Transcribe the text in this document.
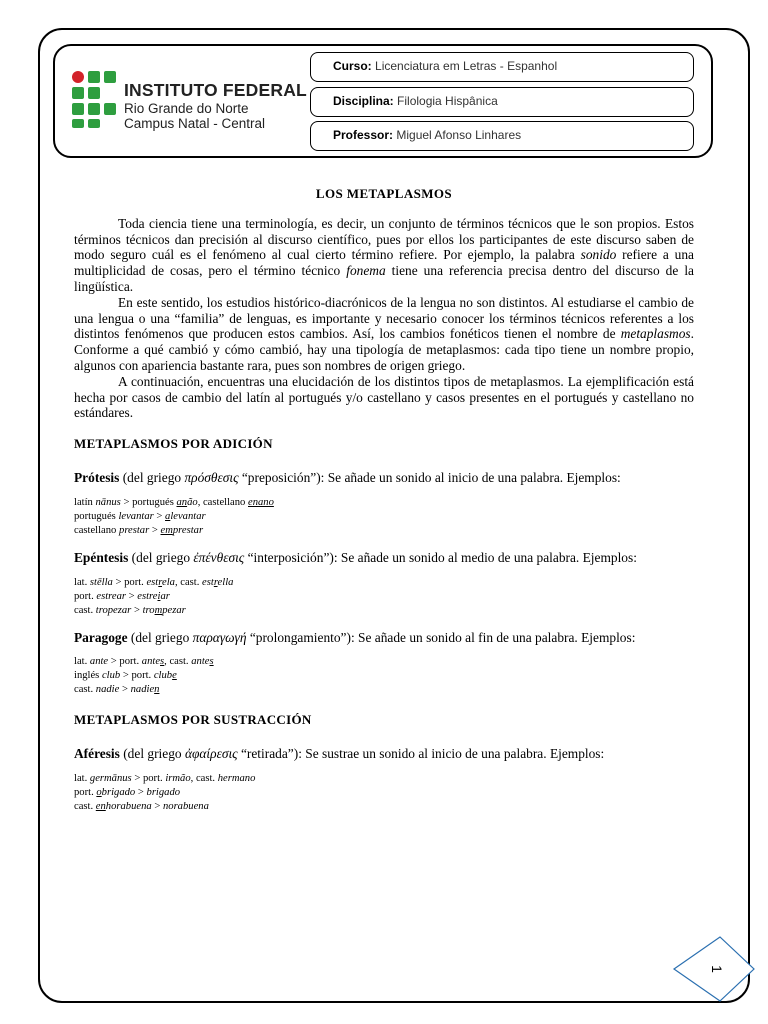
INSTITUTO FEDERAL
Rio Grande do Norte
Campus Natal - Central
Curso: Licenciatura em Letras - Espanhol
Disciplina: Filologia Hispânica
Professor: Miguel Afonso Linhares
LOS METAPLASMOS

Toda ciencia tiene una terminología, es decir, un conjunto de términos técnicos que le son propios. Estos términos técnicos dan precisión al discurso científico, pues por ellos los participantes de este discurso saben de modo seguro cuál es el fenómeno al cual cierto término refiere. Por ejemplo, la palabra sonido refiere a una multiplicidad de cosas, pero el término técnico fonema tiene una referencia precisa dentro del discurso de la lingüística.

En este sentido, los estudios histórico-diacrónicos de la lengua no son distintos. Al estudiarse el cambio de una lengua o una “familia” de lenguas, es importante y necesario conocer los términos técnicos referentes a los distintos fenómenos que producen estos cambios. Así, los cambios fonéticos tienen el nombre de metaplasmos. Conforme a qué cambió y cómo cambió, hay una tipología de metaplasmos: cada tipo tiene un nombre propio, algunos con apariencia bastante rara, pues son nombres de origen griego.

A continuación, encuentras una elucidación de los distintos tipos de metaplasmos. La ejemplificación está hecha por casos de cambio del latín al portugués y/o castellano y casos presentes en el portugués y castellano no estándares.

METAPLASMOS POR ADICIÓN

Prótesis (del griego πρόσθεσις “preposición”): Se añade un sonido al inicio de una palabra. Ejemplos:

latín nānus > portugués anão, castellano enano
portugués levantar > alevantar
castellano prestar > emprestar

Epéntesis (del griego ἐπένθεσις “interposición”): Se añade un sonido al medio de una palabra. Ejemplos:

lat. stēlla > port. estrela, cast. estrella
port. estrear > estreiar
cast. tropezar > trompezar

Paragoge (del griego παραγωγή “prolongamiento”): Se añade un sonido al fin de una palabra. Ejemplos:

lat. ante > port. antes, cast. antes
inglés club > port. clube
cast. nadie > nadien
METAPLASMOS POR SUSTRACCIÓN

Aféresis (del griego ἀφαίρεσις “retirada”): Se sustrae un sonido al inicio de una palabra. Ejemplos:

lat. germānus > port. irmão, cast. hermano
port. obrigado > brigado
cast. enhorabuena > norabuena
1
